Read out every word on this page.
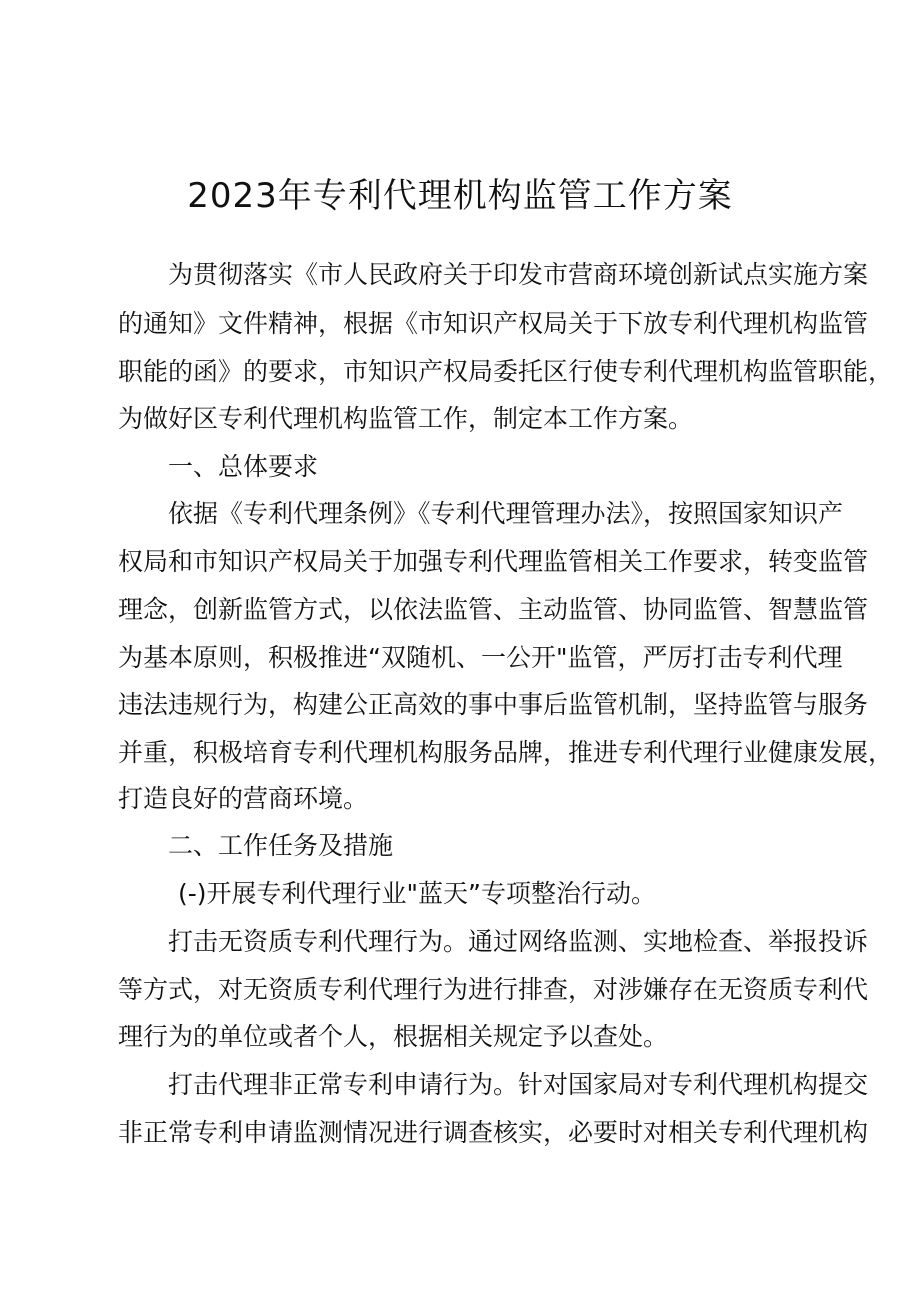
2023年专利代理机构监管工作方案

为贯彻落实《市人民政府关于印发市营商环境创新试点实施方案

的通知》文件精神，根据《市知识产权局关于下放专利代理机构监管

职能的函》的要求，市知识产权局委托区行使专利代理机构监管职能，

为做好区专利代理机构监管工作，制定本工作方案。

一、总体要求

依据《专利代理条例》《专利代理管理办法》，按照国家知识产

权局和市知识产权局关于加强专利代理监管相关工作要求，转变监管

理念，创新监管方式，以依法监管、主动监管、协同监管、智慧监管

为基本原则，积极推进“双随机、一公开"监管，严厉打击专利代理

违法违规行为，构建公正高效的事中事后监管机制，坚持监管与服务

并重，积极培育专利代理机构服务品牌，推进专利代理行业健康发展，

打造良好的营商环境。

二、工作任务及措施

(-)开展专利代理行业"蓝天”专项整治行动。

打击无资质专利代理行为。通过网络监测、实地检查、举报投诉

等方式，对无资质专利代理行为进行排查，对涉嫌存在无资质专利代

理行为的单位或者个人，根据相关规定予以查处。

打击代理非正常专利申请行为。针对国家局对专利代理机构提交

非正常专利申请监测情况进行调查核实，必要时对相关专利代理机构
